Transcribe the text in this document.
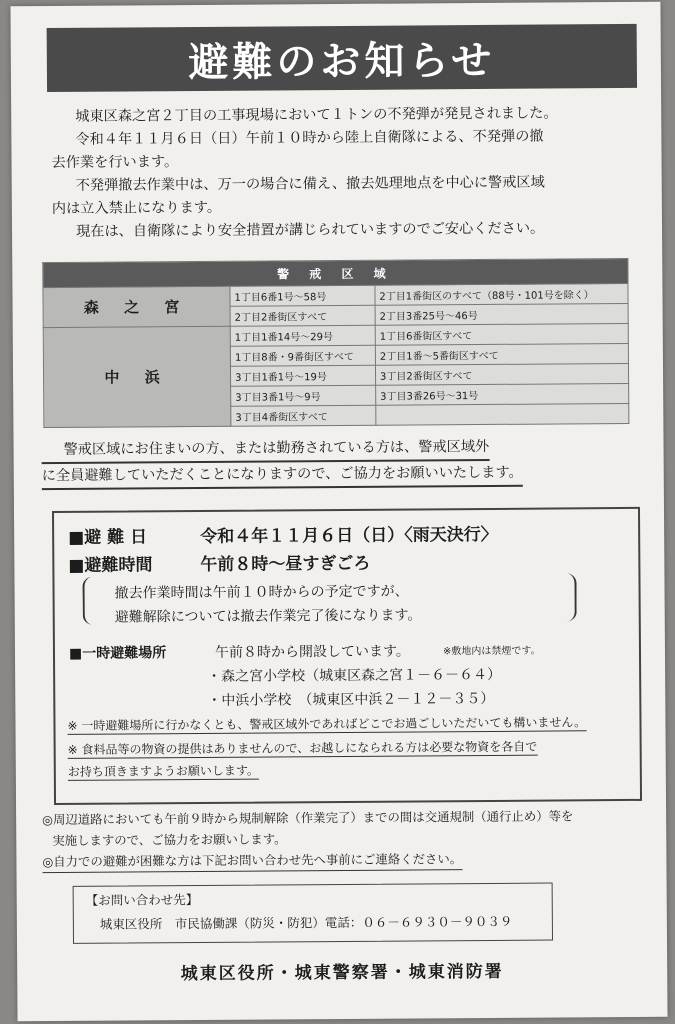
避難のお知らせ

城東区森之宮２丁目の工事現場において１トンの不発弾が発見されました。

令和４年１１月６日（日）午前１０時から陸上自衛隊による、不発弾の撤

去作業を行います。

不発弾撤去作業中は、万一の場合に備え、撤去処理地点を中心に警戒区域

内は立入禁止になります。

現在は、自衛隊により安全措置が講じられていますのでご安心ください。

警 戒 区 域		
森 之 宮	1丁目6番1号～58号	2丁目1番街区のすべて（88号・101号を除く）
	2丁目2番街区すべて	2丁目3番25号～46号
中 浜	1丁目1番14号～29号	1丁目6番街区すべて
	1丁目8番・9番街区すべて	2丁目1番～5番街区すべて
	3丁目1番1号～19号	3丁目2番街区すべて
	3丁目3番1号～9号	3丁目3番26号～31号
	3丁目4番街区すべて	

警戒区域にお住まいの方、または勤務されている方は、警戒区域外

に全員避難していただくことになりますので、ご協力をお願いいたします。

■避 難 日	令和４年１１月６日（日）〈雨天決行〉
■避難時間	午前８時～昼すぎごろ
撤去作業時間は午前１０時からの予定ですが、
避難解除については撤去作業完了後になります。
■一時避難場所	午前８時から開設しています。	※敷地内は禁煙です。
・森之宮小学校（城東区森之宮１－６－６４）
・中浜小学校　（城東区中浜２－１２－３５）
※ 一時避難場所に行かなくとも、警戒区域外であればどこでお過ごしいただいても構いません。
※ 食料品等の物資の提供はありませんので、お越しになられる方は必要な物資を各自で
お持ち頂きますようお願いします。

◎周辺道路においても午前９時から規制解除（作業完了）までの間は交通規制（通行止め）等を

実施しますので、ご協力をお願いします。

◎自力での避難が困難な方は下記お問い合わせ先へ事前にご連絡ください。

【お問い合わせ先】
城東区役所　市民協働課（防災・防犯）電話：０６－６９３０－９０３９
城東区役所・城東警察署・城東消防署
